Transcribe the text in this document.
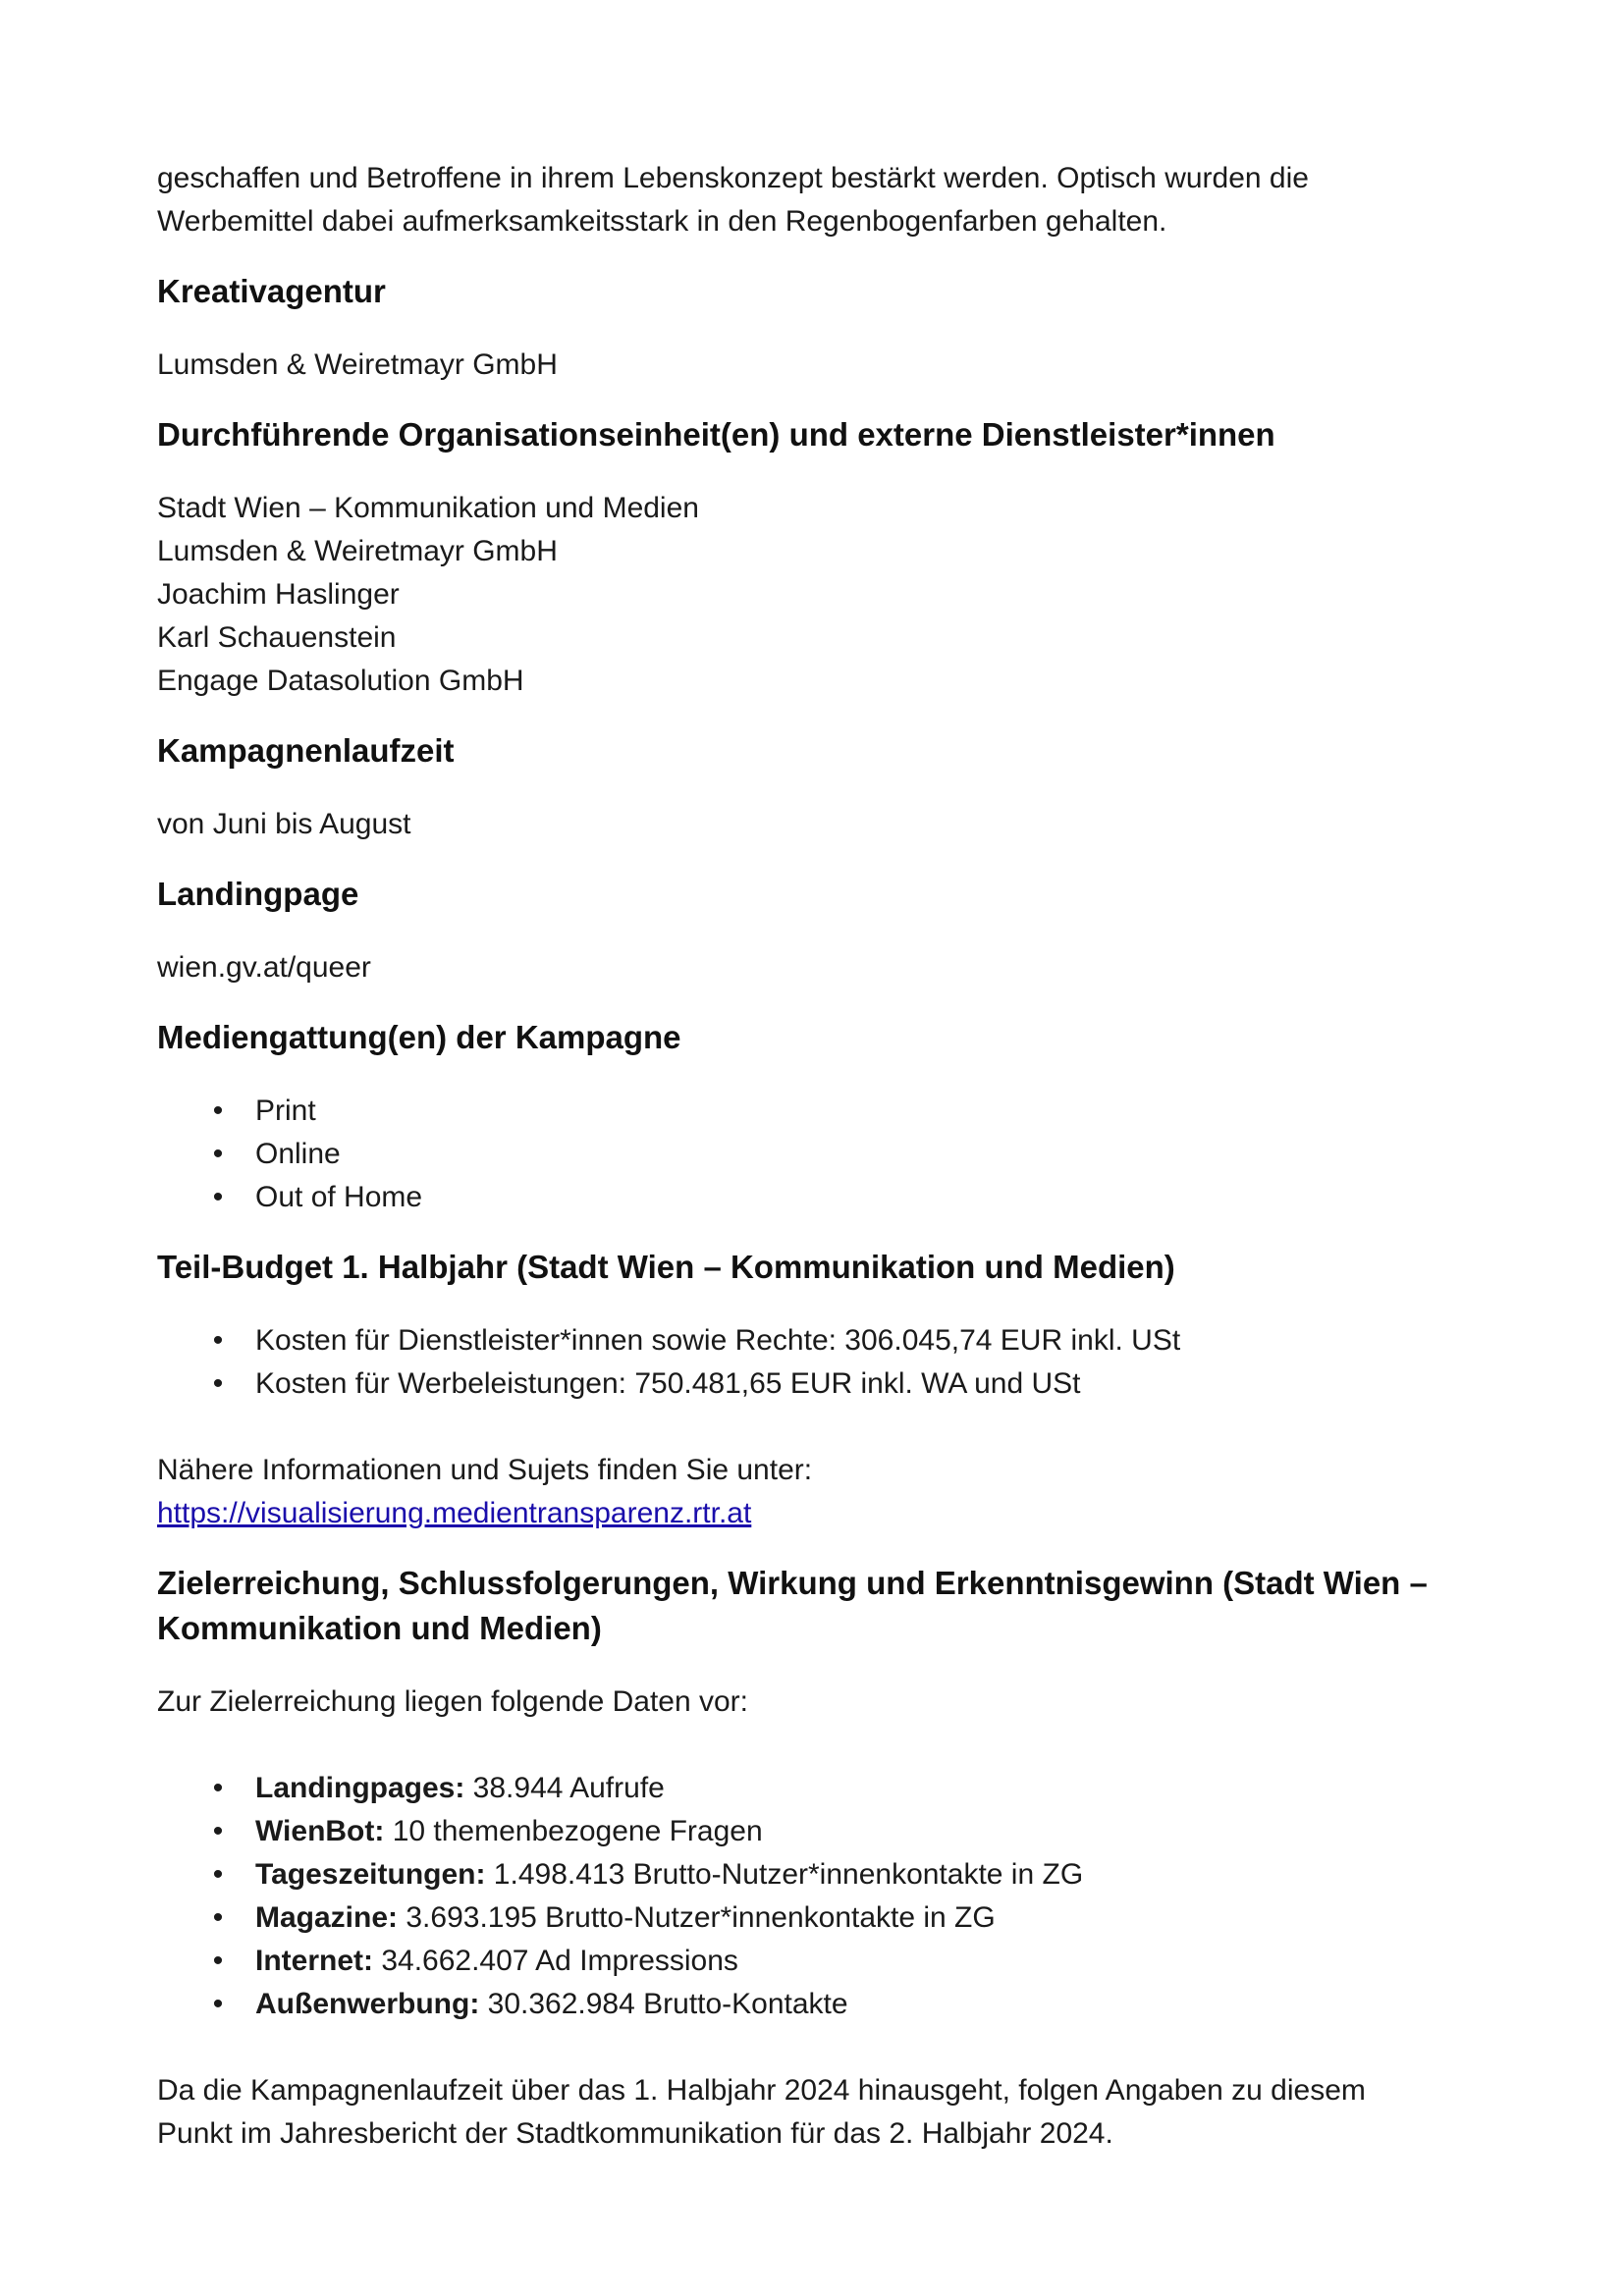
geschaffen und Betroffene in ihrem Lebenskonzept bestärkt werden. Optisch wurden die
Werbemittel dabei aufmerksamkeitsstark in den Regenbogenfarben gehalten.

Kreativagentur

Lumsden & Weiretmayr GmbH

Durchführende Organisationseinheit(en) und externe Dienstleister*innen

Stadt Wien – Kommunikation und Medien
Lumsden & Weiretmayr GmbH
Joachim Haslinger
Karl Schauenstein
Engage Datasolution GmbH

Kampagnenlaufzeit

von Juni bis August

Landingpage

wien.gv.at/queer

Mediengattung(en) der Kampagne
• Print
• Online
• Out of Home
Teil-Budget 1. Halbjahr (Stadt Wien – Kommunikation und Medien)
• Kosten für Dienstleister*innen sowie Rechte: 306.045,74 EUR inkl. USt
• Kosten für Werbeleistungen: 750.481,65 EUR inkl. WA und USt

Nähere Informationen und Sujets finden Sie unter:
https://visualisierung.medientransparenz.rtr.at

Zielerreichung, Schlussfolgerungen, Wirkung und Erkenntnisgewinn (Stadt Wien –
Kommunikation und Medien)

Zur Zielerreichung liegen folgende Daten vor:

• Landingpages: 38.944 Aufrufe
• WienBot: 10 themenbezogene Fragen
• Tageszeitungen: 1.498.413 Brutto-Nutzer*innenkontakte in ZG
• Magazine: 3.693.195 Brutto-Nutzer*innenkontakte in ZG
• Internet: 34.662.407 Ad Impressions
• Außenwerbung: 30.362.984 Brutto-Kontakte

Da die Kampagnenlaufzeit über das 1. Halbjahr 2024 hinausgeht, folgen Angaben zu diesem
Punkt im Jahresbericht der Stadtkommunikation für das 2. Halbjahr 2024.
